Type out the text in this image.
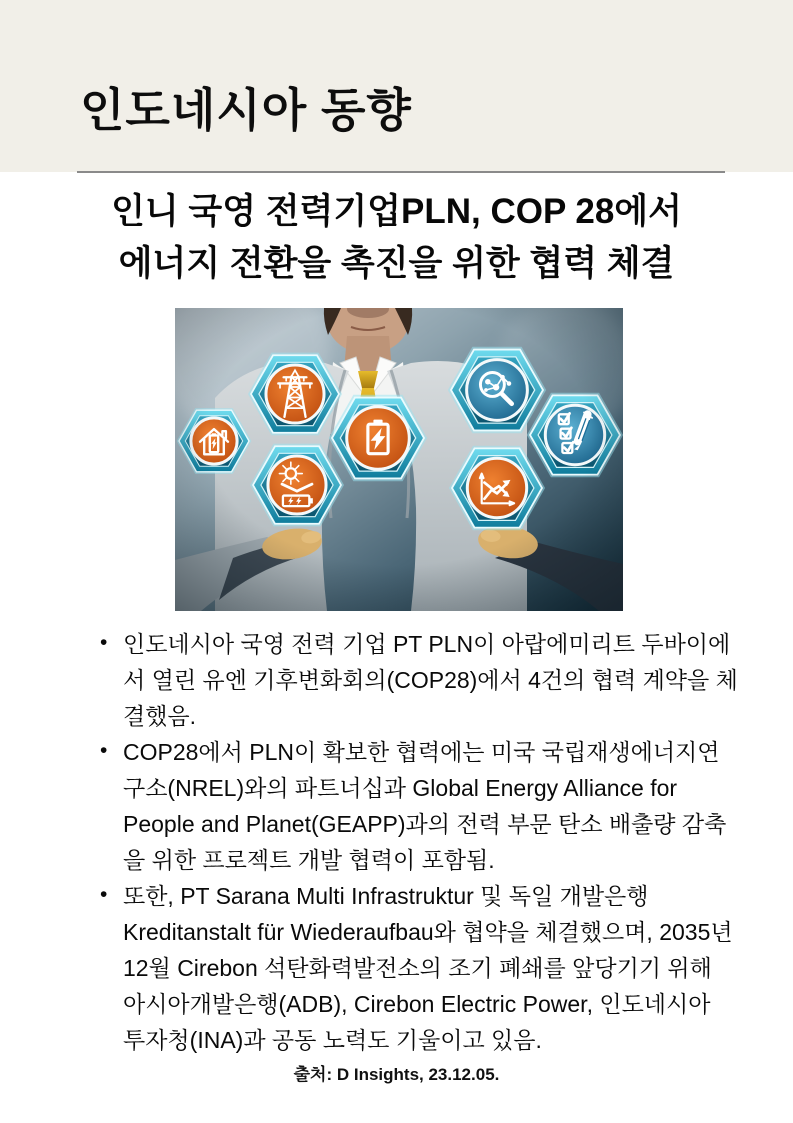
인도네시아 동향
인니 국영 전력기업PLN, COP 28에서
에너지 전환을 촉진을 위한 협력 체결
• 인도네시아 국영 전력 기업 PT PLN이 아랍에미리트 두바이에서 열린 유엔 기후변화회의(COP28)에서 4건의 협력 계약을 체결했음.
• COP28에서 PLN이 확보한 협력에는 미국 국립재생에너지연구소(NREL)와의 파트너십과 Global Energy Alliance for People and Planet(GEAPP)과의 전력 부문 탄소 배출량 감축을 위한 프로젝트 개발 협력이 포함됨.
• 또한, PT Sarana Multi Infrastruktur 및 독일 개발은행 Kreditanstalt für Wiederaufbau와 협약을 체결했으며, 2035년 12월 Cirebon 석탄화력발전소의 조기 폐쇄를 앞당기기 위해 아시아개발은행(ADB), Cirebon Electric Power, 인도네시아 투자청(INA)과 공동 노력도 기울이고 있음.

출처: D Insights, 23.12.05.
